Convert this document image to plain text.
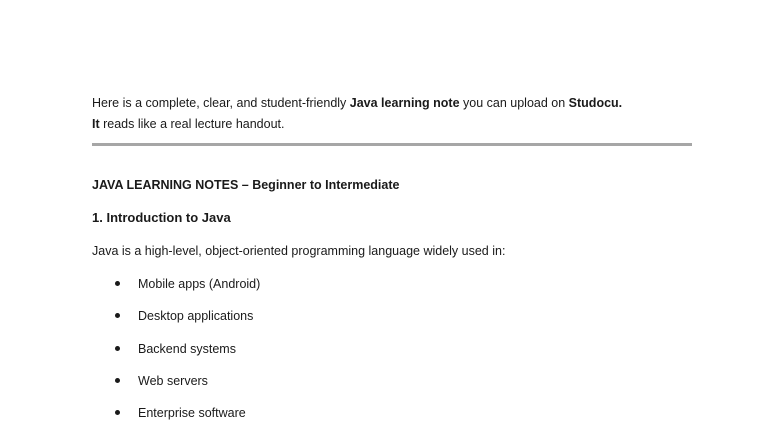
Here is a complete, clear, and student-friendly Java learning note you can upload on Studocu.
It reads like a real lecture handout.
JAVA LEARNING NOTES – Beginner to Intermediate
1. Introduction to Java
Java is a high-level, object-oriented programming language widely used in:
Mobile apps (Android)
Desktop applications
Backend systems
Web servers
Enterprise software
